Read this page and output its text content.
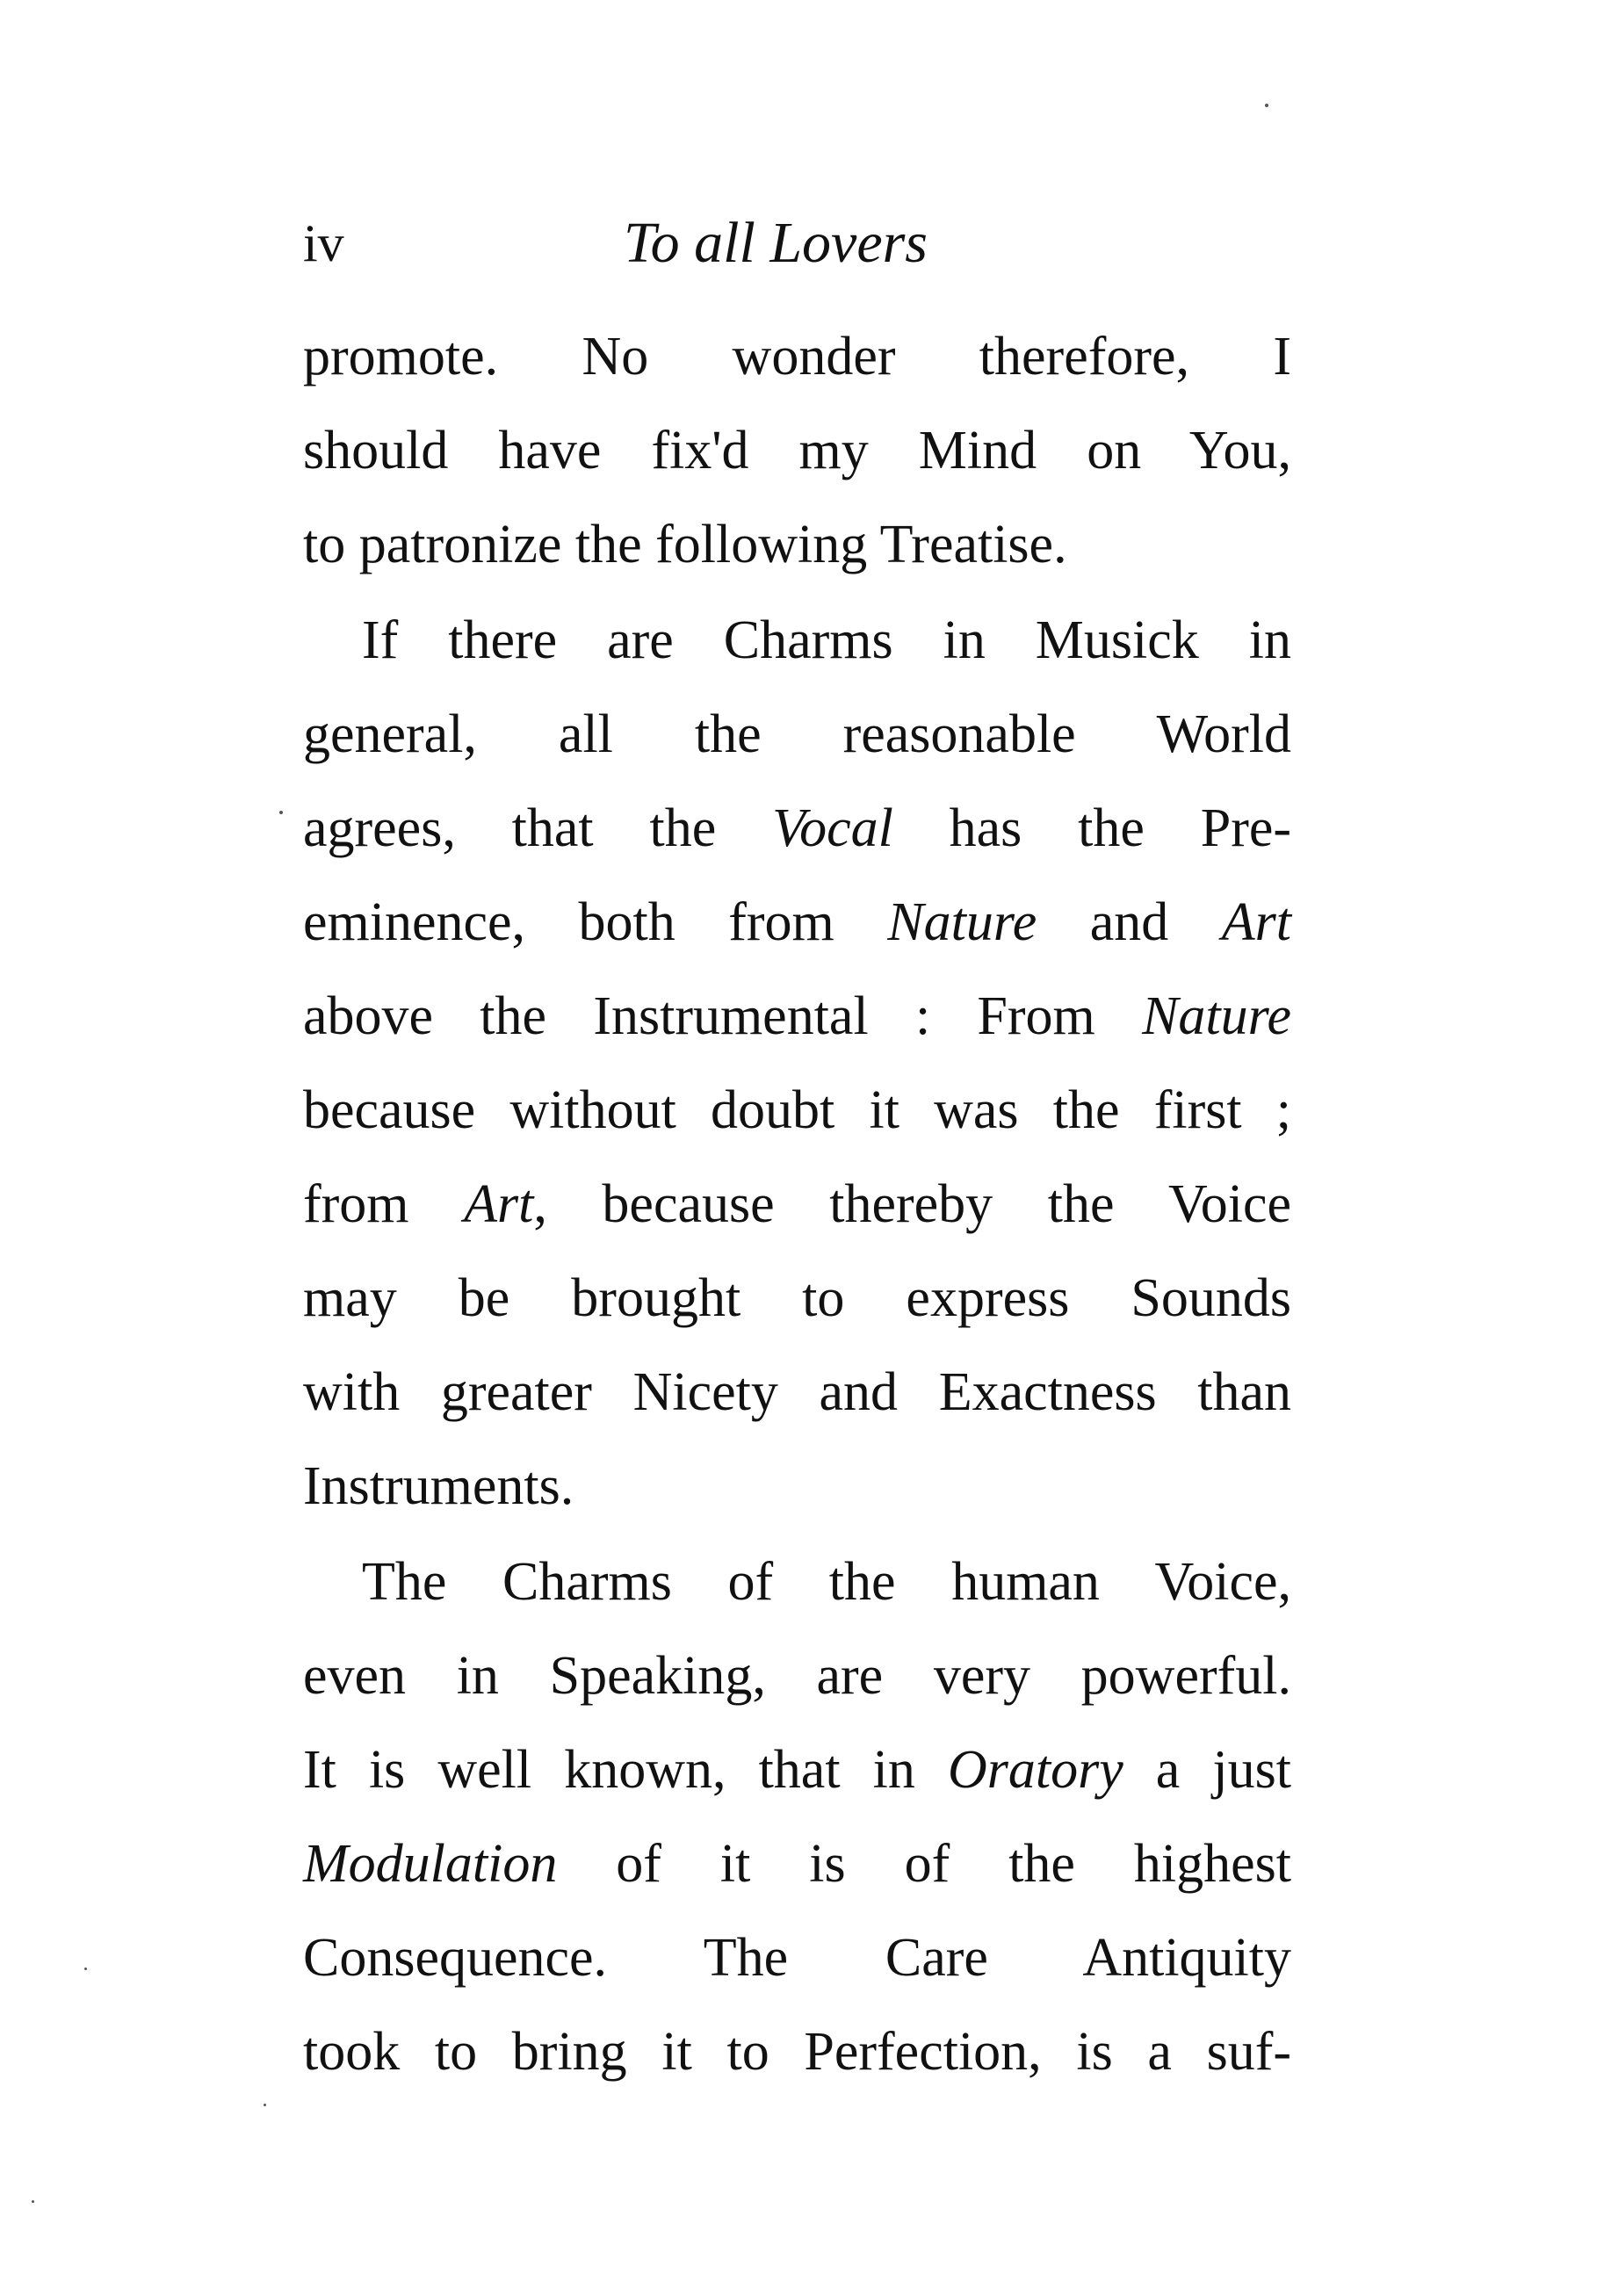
iv	To all Lovers
promote. No wonder therefore, I
should have fix'd my Mind on You,
to patronize the following Treatise.
If there are Charms in Musick in
general, all the reasonable World
agrees, that the Vocal has the Pre-
eminence, both from Nature and Art
above the Instrumental : From Nature
because without doubt it was the first ;
from Art, because thereby the Voice
may be brought to express Sounds
with greater Nicety and Exactness than
Instruments.
The Charms of the human Voice,
even in Speaking, are very powerful.
It is well known, that in Oratory a just
Modulation of it is of the highest
Consequence. The Care Antiquity
took to bring it to Perfection, is a suf-
